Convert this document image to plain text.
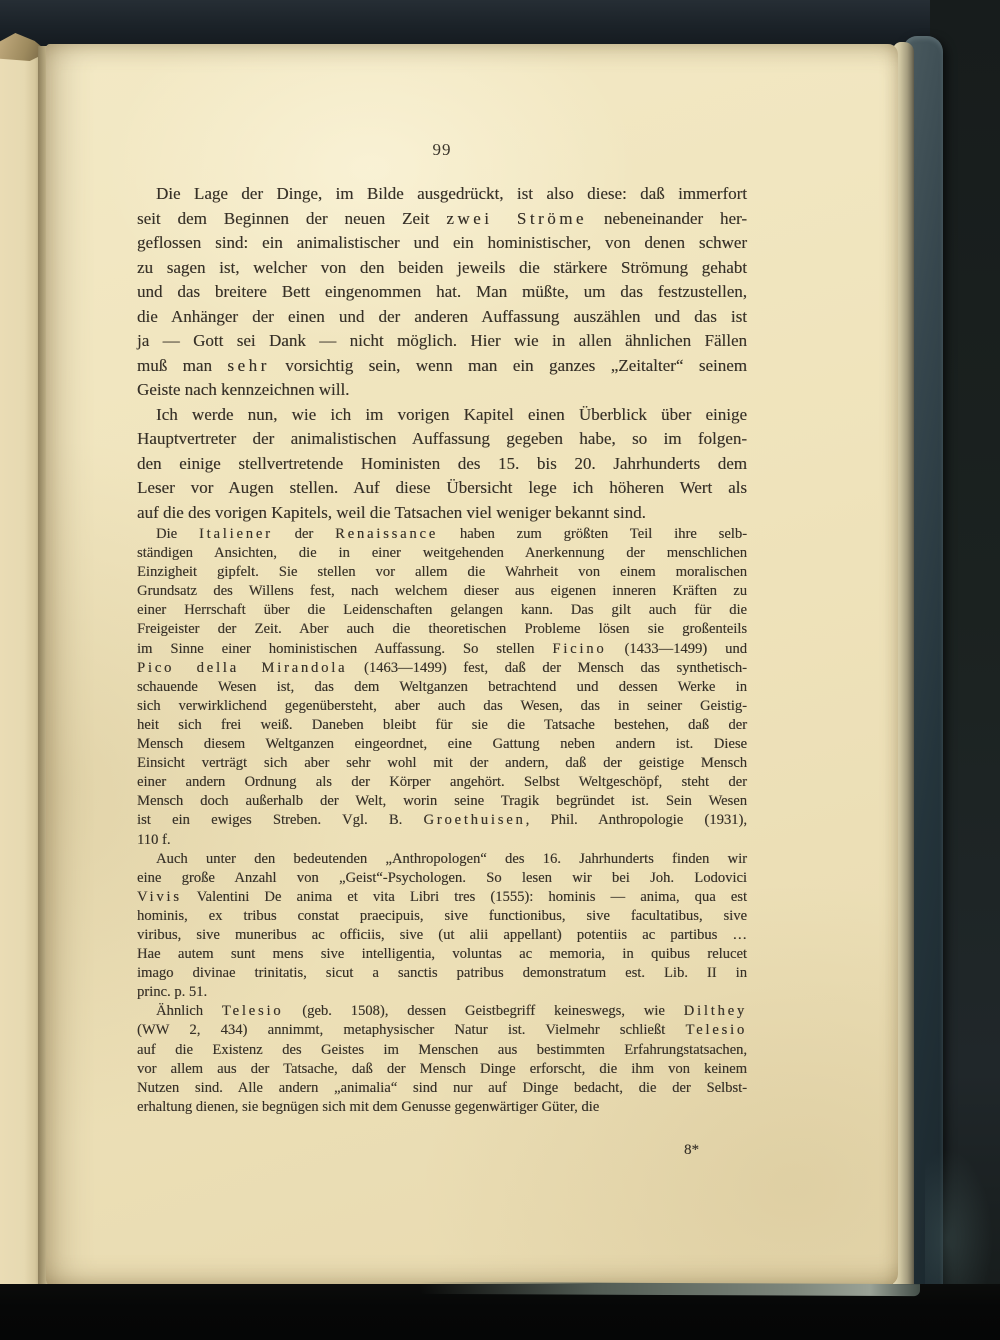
99
Die Lage der Dinge, im Bilde ausgedrückt, ist also diese: daß immerfort
seit dem Beginnen der neuen Zeit zwei Ströme nebeneinander her-
geflossen sind: ein animalistischer und ein hoministischer, von denen schwer
zu sagen ist, welcher von den beiden jeweils die stärkere Strömung gehabt
und das breitere Bett eingenommen hat. Man müßte, um das festzustellen,
die Anhänger der einen und der anderen Auffassung auszählen und das ist
ja — Gott sei Dank — nicht möglich. Hier wie in allen ähnlichen Fällen
muß man sehr vorsichtig sein, wenn man ein ganzes „Zeitalter“ seinem
Geiste nach kennzeichnen will.
Ich werde nun, wie ich im vorigen Kapitel einen Überblick über einige
Hauptvertreter der animalistischen Auffassung gegeben habe, so im folgen-
den einige stellvertretende Hoministen des 15. bis 20. Jahrhunderts dem
Leser vor Augen stellen. Auf diese Übersicht lege ich höheren Wert als
auf die des vorigen Kapitels, weil die Tatsachen viel weniger bekannt sind.
Die Italiener der Renaissance haben zum größten Teil ihre selb-
ständigen Ansichten, die in einer weitgehenden Anerkennung der menschlichen
Einzigheit gipfelt. Sie stellen vor allem die Wahrheit von einem moralischen
Grundsatz des Willens fest, nach welchem dieser aus eigenen inneren Kräften zu
einer Herrschaft über die Leidenschaften gelangen kann. Das gilt auch für die
Freigeister der Zeit. Aber auch die theoretischen Probleme lösen sie großenteils
im Sinne einer hoministischen Auffassung. So stellen Ficino (1433—1499) und
Pico della Mirandola (1463—1499) fest, daß der Mensch das synthetisch-
schauende Wesen ist, das dem Weltganzen betrachtend und dessen Werke in
sich verwirklichend gegenübersteht, aber auch das Wesen, das in seiner Geistig-
heit sich frei weiß. Daneben bleibt für sie die Tatsache bestehen, daß der
Mensch diesem Weltganzen eingeordnet, eine Gattung neben andern ist. Diese
Einsicht verträgt sich aber sehr wohl mit der andern, daß der geistige Mensch
einer andern Ordnung als der Körper angehört. Selbst Weltgeschöpf, steht der
Mensch doch außerhalb der Welt, worin seine Tragik begründet ist. Sein Wesen
ist ein ewiges Streben. Vgl. B. Groethuisen, Phil. Anthropologie (1931),
110 f.
Auch unter den bedeutenden „Anthropologen“ des 16. Jahrhunderts finden wir
eine große Anzahl von „Geist“-Psychologen. So lesen wir bei Joh. Lodovici
Vivis Valentini De anima et vita Libri tres (1555): hominis — anima, qua est
hominis, ex tribus constat praecipuis, sive functionibus, sive facultatibus, sive
viribus, sive muneribus ac officiis, sive (ut alii appellant) potentiis ac partibus …
Hae autem sunt mens sive intelligentia, voluntas ac memoria, in quibus relucet
imago divinae trinitatis, sicut a sanctis patribus demonstratum est. Lib. II in
princ. p. 51.
Ähnlich Telesio (geb. 1508), dessen Geistbegriff keineswegs, wie Dilthey
(WW 2, 434) annimmt, metaphysischer Natur ist. Vielmehr schließt Telesio
auf die Existenz des Geistes im Menschen aus bestimmten Erfahrungstatsachen,
vor allem aus der Tatsache, daß der Mensch Dinge erforscht, die ihm von keinem
Nutzen sind. Alle andern „animalia“ sind nur auf Dinge bedacht, die der Selbst-
erhaltung dienen, sie begnügen sich mit dem Genusse gegenwärtiger Güter, die
8*
